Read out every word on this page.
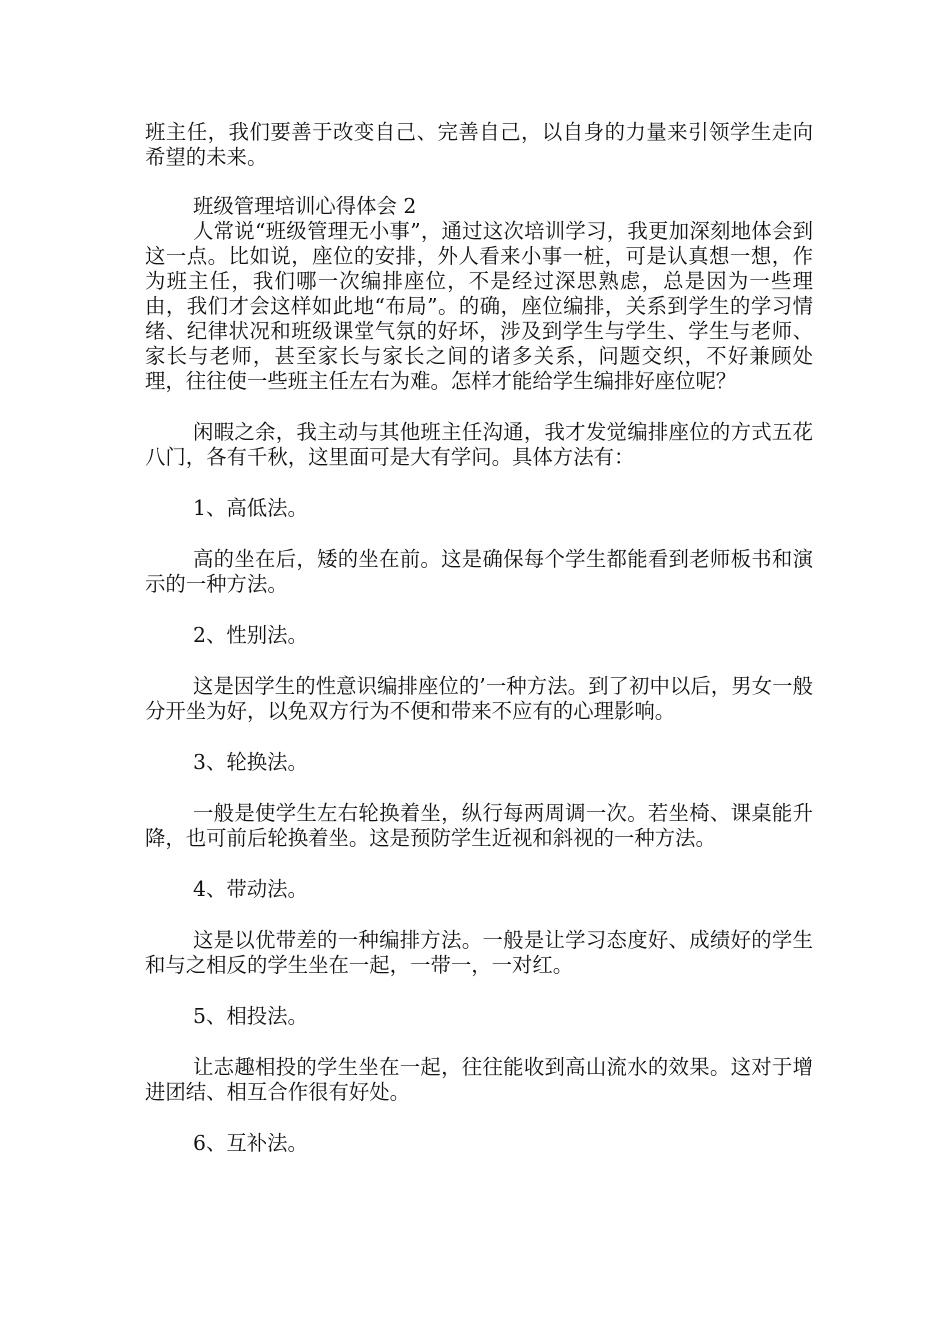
班主任，我们要善于改变自己、完善自己，以自身的力量来引领学生走向希望的未来。

班级管理培训心得体会 2

人常说“班级管理无小事”，通过这次培训学习，我更加深刻地体会到这一点。比如说，座位的安排，外人看来小事一桩，可是认真想一想，作为班主任，我们哪一次编排座位，不是经过深思熟虑，总是因为一些理由，我们才会这样如此地“布局”。的确，座位编排，关系到学生的学习情绪、纪律状况和班级课堂气氛的好坏，涉及到学生与学生、学生与老师、家长与老师，甚至家长与家长之间的诸多关系，问题交织，不好兼顾处理，往往使一些班主任左右为难。怎样才能给学生编排好座位呢？

闲暇之余，我主动与其他班主任沟通，我才发觉编排座位的方式五花八门，各有千秋，这里面可是大有学问。具体方法有：

1、高低法。

高的坐在后，矮的坐在前。这是确保每个学生都能看到老师板书和演示的一种方法。

2、性别法。

这是因学生的性意识编排座位的’一种方法。到了初中以后，男女一般分开坐为好，以免双方行为不便和带来不应有的心理影响。

3、轮换法。

一般是使学生左右轮换着坐，纵行每两周调一次。若坐椅、课桌能升降，也可前后轮换着坐。这是预防学生近视和斜视的一种方法。

4、带动法。

这是以优带差的一种编排方法。一般是让学习态度好、成绩好的学生和与之相反的学生坐在一起，一带一，一对红。

5、相投法。

让志趣相投的学生坐在一起，往往能收到高山流水的效果。这对于增进团结、相互合作很有好处。

6、互补法。
